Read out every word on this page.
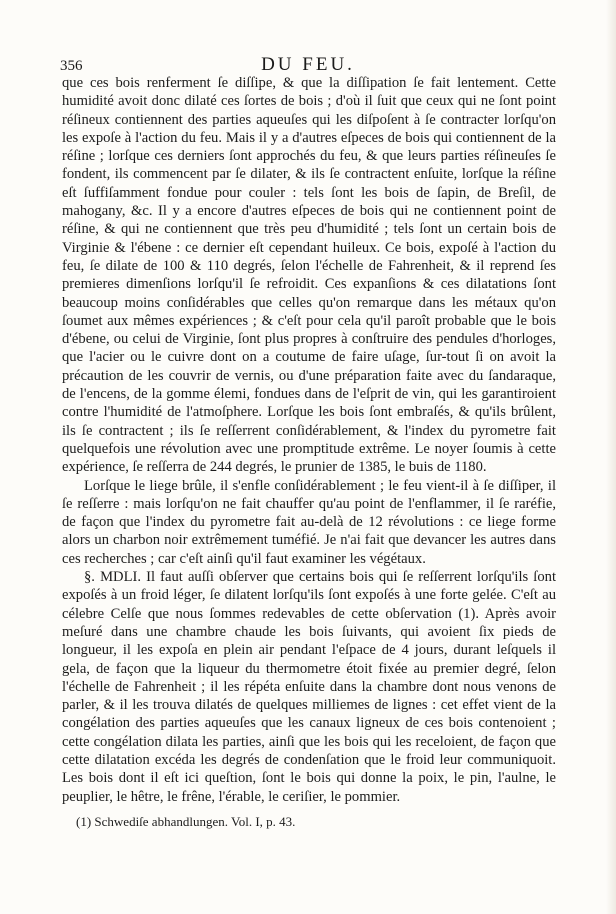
356	DU FEU.

que ces bois renferment ſe diſſipe, & que la diſſipation ſe fait lentement. Cette humidité avoit donc dilaté ces ſortes de bois ; d'où il ſuit que ceux qui ne ſont point réſineux contiennent des parties aqueuſes qui les diſpoſent à ſe contracter lorſqu'on les expoſe à l'action du feu. Mais il y a d'autres eſpeces de bois qui contiennent de la réſine ; lorſque ces derniers ſont approchés du feu, & que leurs parties réſineuſes ſe fondent, ils commencent par ſe dilater, & ils ſe contractent enſuite, lorſque la réſine eſt ſuffiſamment fondue pour couler : tels ſont les bois de ſapin, de Breſil, de mahogany, &c. Il y a encore d'autres eſpeces de bois qui ne contiennent point de réſine, & qui ne contiennent que très peu d'humidité ; tels ſont un certain bois de Virginie & l'ébene : ce dernier eſt cependant huileux. Ce bois, expoſé à l'action du feu, ſe dilate de 100 & 110 degrés, ſelon l'échelle de Fahrenheit, & il reprend ſes premieres dimenſions lorſqu'il ſe refroidit. Ces expanſions & ces dilatations ſont beaucoup moins conſidérables que celles qu'on remarque dans les métaux qu'on ſoumet aux mêmes expériences ; & c'eſt pour cela qu'il paroît probable que le bois d'ébene, ou celui de Virginie, ſont plus propres à conſtruire des pendules d'horloges, que l'acier ou le cuivre dont on a coutume de faire uſage, ſur-tout ſi on avoit la précaution de les couvrir de vernis, ou d'une préparation faite avec du ſandaraque, de l'encens, de la gomme élemi, fondues dans de l'eſprit de vin, qui les garantiroient contre l'humidité de l'atmoſphere. Lorſque les bois ſont embraſés, & qu'ils brûlent, ils ſe contractent ; ils ſe reſſerrent conſidérablement, & l'index du pyrometre fait quelquefois une révolution avec une promptitude extrême. Le noyer ſoumis à cette expérience, ſe reſſerra de 244 degrés, le prunier de 1385, le buis de 1180.

Lorſque le liege brûle, il s'enfle conſidérablement ; le feu vient-il à ſe diſſiper, il ſe reſſerre : mais lorſqu'on ne fait chauffer qu'au point de l'enflammer, il ſe raréfie, de façon que l'index du pyrometre fait au-delà de 12 révolutions : ce liege forme alors un charbon noir extrêmement tuméfié. Je n'ai fait que devancer les autres dans ces recherches ; car c'eſt ainſi qu'il faut examiner les végétaux.

§. MDLI. Il faut auſſi obſerver que certains bois qui ſe reſſerrent lorſqu'ils ſont expoſés à un froid léger, ſe dilatent lorſqu'ils ſont expoſés à une forte gelée. C'eſt au célebre Celſe que nous ſommes redevables de cette obſervation (1). Après avoir meſuré dans une chambre chaude les bois ſuivants, qui avoient ſix pieds de longueur, il les expoſa en plein air pendant l'eſpace de 4 jours, durant leſquels il gela, de façon que la liqueur du thermometre étoit fixée au premier degré, ſelon l'échelle de Fahrenheit ; il les répéta enſuite dans la chambre dont nous venons de parler, & il les trouva dilatés de quelques milliemes de lignes : cet effet vient de la congélation des parties aqueuſes que les canaux ligneux de ces bois contenoient ; cette congélation dilata les parties, ainſi que les bois qui les receloient, de façon que cette dilatation excéda les degrés de condenſation que le froid leur communiquoit. Les bois dont il eſt ici queſtion, ſont le bois qui donne la poix, le pin, l'aulne, le peuplier, le hêtre, le frêne, l'érable, le ceriſier, le pommier.

(1) Schwediſe abhandlungen. Vol. I, p. 43.
